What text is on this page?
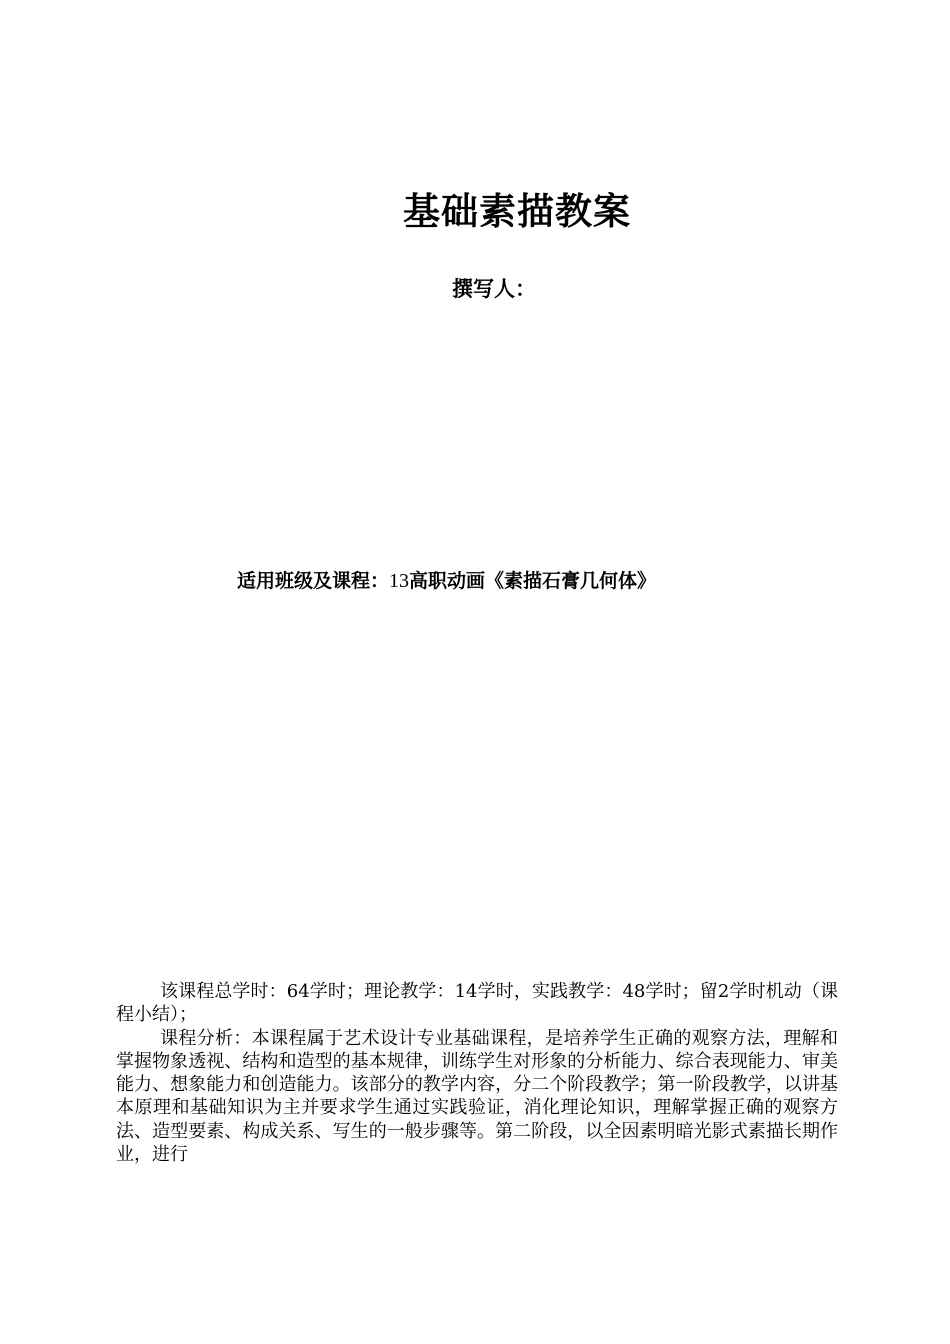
基础素描教案
撰写人：
适用班级及课程：13高职动画《素描石膏几何体》

该课程总学时：64学时；理论教学：14学时，实践教学：48学时；留2学时机动（课程小结）；

课程分析：本课程属于艺术设计专业基础课程，是培养学生正确的观察方法，理解和掌握物象透视、结构和造型的基本规律，训练学生对形象的分析能力、综合表现能力、审美能力、想象能力和创造能力。该部分的教学内容，分二个阶段教学；第一阶段教学，以讲基本原理和基础知识为主并要求学生通过实践验证，消化理论知识，理解掌握正确的观察方法、造型要素、构成关系、写生的一般步骤等。第二阶段，以全因素明暗光影式素描长期作业，进行
